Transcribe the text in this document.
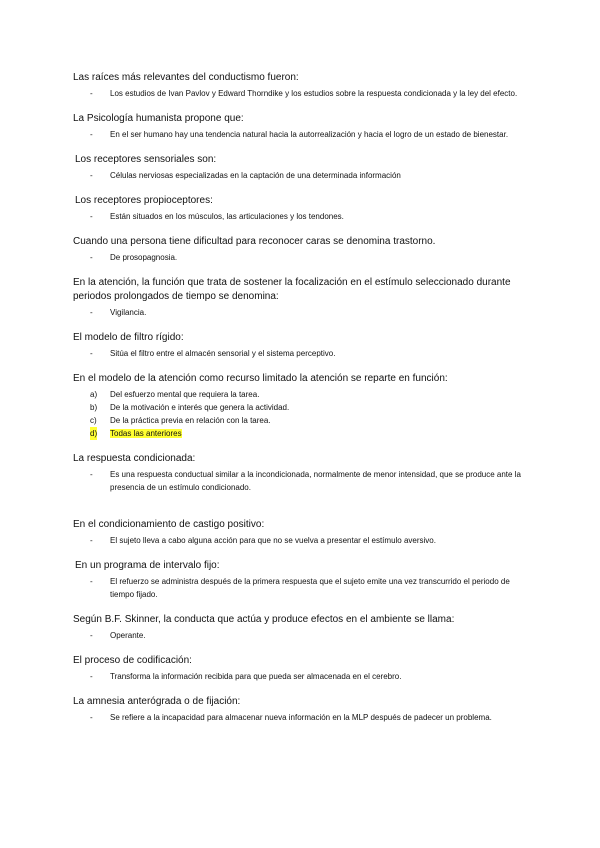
Las raíces más relevantes del conductismo fueron:

- Los estudios de Ivan Pavlov y Edward Thorndike y los estudios sobre la respuesta condicionada y la ley del efecto.

La Psicología humanista propone que:

- En el ser humano hay una tendencia natural hacia la autorrealización y hacia el logro de un estado de bienestar.

Los receptores sensoriales son:

- Células nerviosas especializadas en la captación de una determinada información

Los receptores propioceptores:

- Están situados en los músculos, las articulaciones y los tendones.

Cuando una persona tiene dificultad para reconocer caras se denomina trastorno.

- De prosopagnosia.

En la atención, la función que trata de sostener la focalización en el estímulo seleccionado durante periodos prolongados de tiempo se denomina:

- Vigilancia.

El modelo de filtro rígido:

- Sitúa el filtro entre el almacén sensorial y el sistema perceptivo.

En el modelo de la atención como recurso limitado la atención se reparte en función:

a) Del esfuerzo mental que requiera la tarea.
b) De la motivación e interés que genera la actividad.
c) De la práctica previa en relación con la tarea.
d) Todas las anteriores

La respuesta condicionada:

- Es una respuesta conductual similar a la incondicionada, normalmente de menor intensidad, que se produce ante la presencia de un estímulo condicionado.

En el condicionamiento de castigo positivo:

- El sujeto lleva a cabo alguna acción para que no se vuelva a presentar el estímulo aversivo.

En un programa de intervalo fijo:

- El refuerzo se administra después de la primera respuesta que el sujeto emite una vez transcurrido el periodo de tiempo fijado.

Según B.F. Skinner, la conducta que actúa y produce efectos en el ambiente se llama:

- Operante.

El proceso de codificación:

- Transforma la información recibida para que pueda ser almacenada en el cerebro.

La amnesia anterógrada o de fijación:

- Se refiere a la incapacidad para almacenar nueva información en la MLP después de padecer un problema.
